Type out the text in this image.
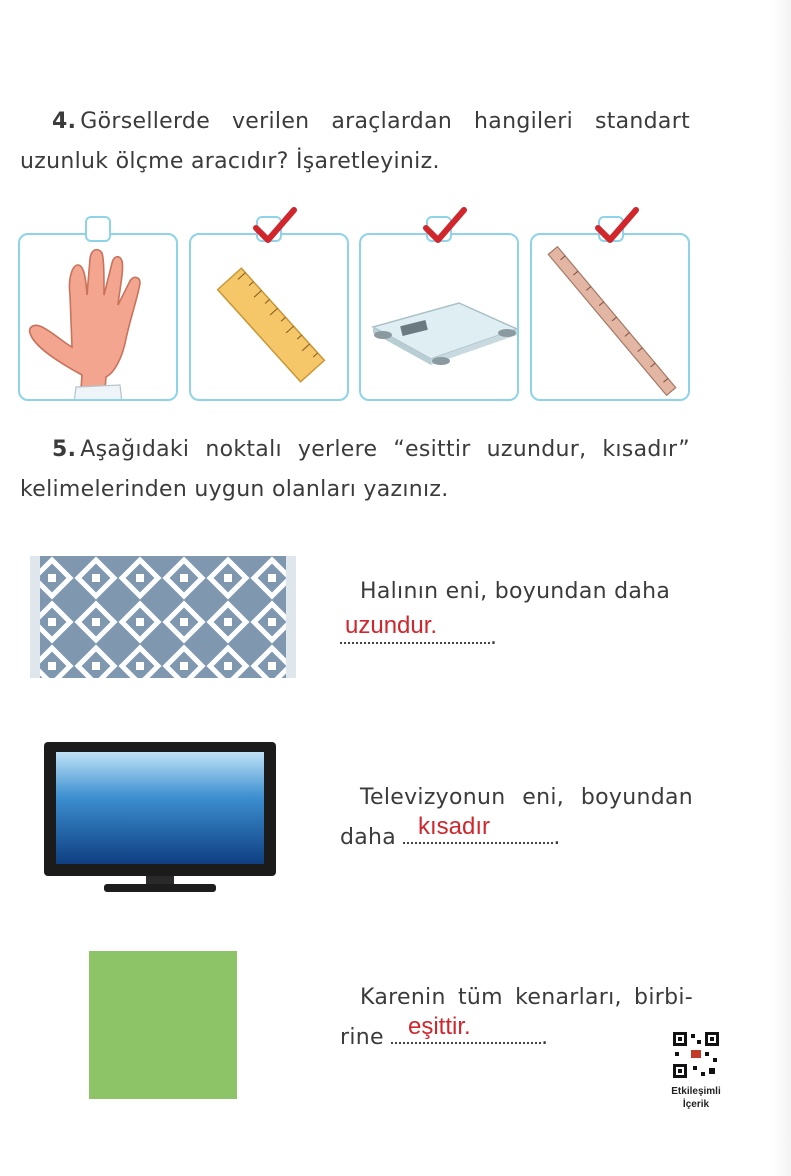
4. Görsellerde verilen araçlardan hangileri standart
uzunluk ölçme aracıdır? İşaretleyiniz.
5. Aşağıdaki noktalı yerlere “esittir uzundur, kısadır”
kelimelerinden uygun olanları yazınız.
Halının eni, boyundan daha
.
uzundur.
Televizyonun eni, boyundan
daha	.
kısadır
Karenin tüm kenarları, birbi-
rine	.
eşittir.
Etkileşimli
İçerik
